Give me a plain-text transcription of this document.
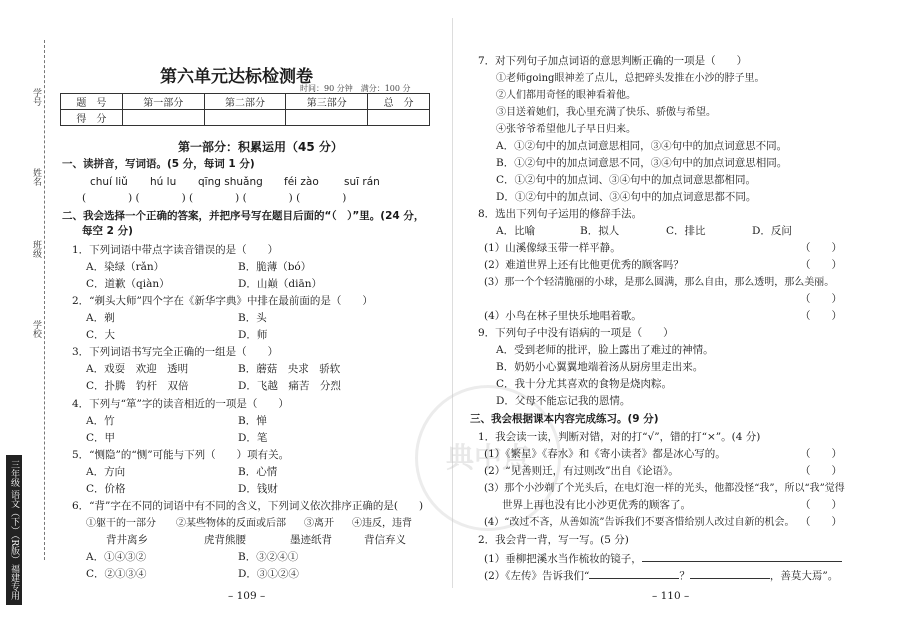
学号
姓名
班级
学校
三年级 语文（下）（R版）福建专用
典中点
第六单元达标检测卷
时间：90 分钟　满分：100 分
题　号	第一部分	第二部分	第三部分	总　分
得　分				
第一部分：积累运用（45 分）
一、读拼音，写词语。(5 分，每词 1 分)
chuí liǔ hú lu qīng shuǎng féi zào suī rán
(　　　　) (　　　　) (　　　　) (　　　　) (　　　　)
二、我会选择一个正确的答案，并把序号写在题目后面的“（　）”里。(24 分，
每空 2 分)
1．下列词语中带点字读音错误的是（　　）
A．染绿（rǎn）	B．脆薄（bó）
C．道歉（qiàn）	D．山巅（diān）
2．“剃头大师”四个字在《新华字典》中排在最前面的是（　　）
A．剃	B．头
C．大	D．师
3．下列词语书写完全正确的一组是（　　）
A．戏耍　欢迎　透明	B．蘑菇　央求　骄软
C．扑腾　钓杆　双倍	D．飞越　痛苦　分烈
4．下列与“箪”字的读音相近的一项是（　　）
A．竹	B．惮
C．甲	D．笔
5．“恻隐”的“恻”可能与下列（　　）项有关。
A．方向	B．心情
C．价格	D．钱财
6．“背”字在不同的词语中有不同的含义，下列词义依次排序正确的是(　　)
①躯干的一部分 ②某些物体的反面或后部 ③离开 ④违反，违背
背井离乡	虎背熊腰	墨迹纸背	背信弃义
A．①④③②	B．③②④①
C．②①③④	D．③①②④
– 109 –
7．对下列句子加点词语的意思判断正确的一项是（　　）
①老师going眼神差了点儿，总把碎头发推在小沙的脖子里。
②人们都用奇怪的眼神看着他。
③目送着她们，我心里充满了快乐、骄傲与希望。
④张爷爷希望他儿子早日归来。
A．①②句中的加点词意思相同，③④句中的加点词意思不同。
B．①②句中的加点词意思不同，③④句中的加点词意思相同。
C．①②句中的加点词、③④句中的加点词意思都相同。
D．①②句中的加点词、③④句中的加点词意思都不同。
8．选出下列句子运用的修辞手法。
A．比喻	B．拟人	C．排比	D．反问
(1）山溪像绿玉带一样平静。	（　　）
(2）难道世界上还有比他更优秀的顾客吗？	（　　）
(3）那一个个轻清脆丽的小球，是那么圆满，那么自由，那么透明，那么美丽。
（　　）
(4）小鸟在林子里快乐地唱着歌。	（　　）
9．下列句子中没有语病的一项是（　　）
A．受到老师的批评，脸上露出了难过的神情。
B．奶奶小心翼翼地端着汤从厨房里走出来。
C．我十分尤其喜欢的食物是烧肉粽。
D．父母不能忘记我的恩情。
三、我会根据课本内容完成练习。(9 分)
1．我会读一读，判断对错，对的打“√”，错的打“×”。(4 分)
(1）《繁星》《春水》和《寄小读者》都是冰心写的。	（　　）
(2）“见善则迁，有过则改”出自《论语》。	（　　）
(3）那个小沙剃了个光头后，在电灯泡一样的光头，他都没怪“我”，所以“我”觉得
世界上再也没有比小沙更优秀的顾客了。	（　　）
(4）“改过不吝，从善如流”告诉我们不要吝惜给别人改过自新的机会。 （　　）
2．我会背一背，写一写。(5 分)
(1）垂柳把溪水当作梳妆的镜子，
(2）《左传》告诉我们“	？	，善莫大焉”。
– 110 –
